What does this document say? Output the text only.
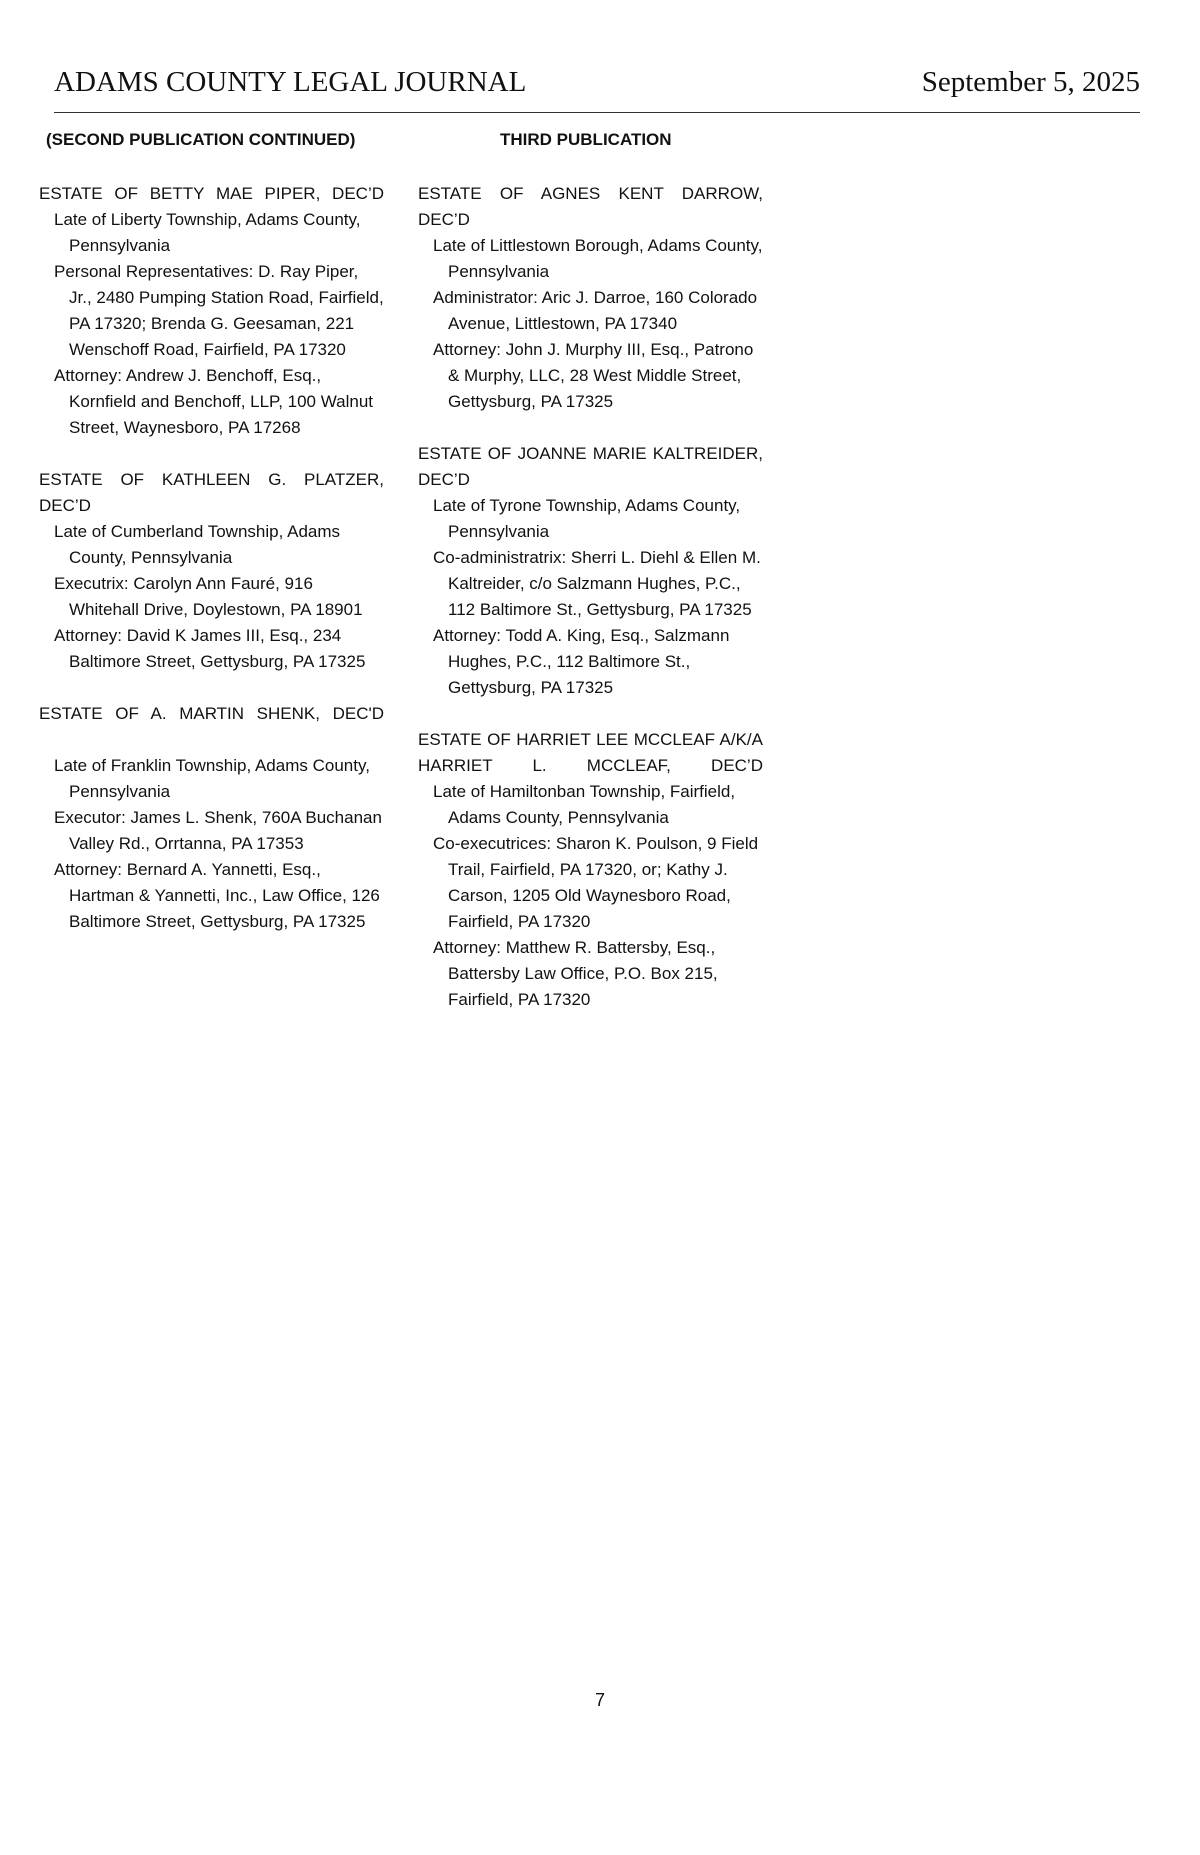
ADAMS COUNTY LEGAL JOURNAL	September 5, 2025
(SECOND PUBLICATION CONTINUED)	THIRD PUBLICATION
ESTATE OF BETTY MAE PIPER, DEC’D
Late of Liberty Township, Adams County, Pennsylvania
Personal Representatives: D. Ray Piper, Jr., 2480 Pumping Station Road, Fairfield, PA 17320; Brenda G. Geesaman, 221 Wenschoff Road, Fairfield, PA 17320
Attorney: Andrew J. Benchoff, Esq., Kornfield and Benchoff, LLP, 100 Walnut Street, Waynesboro, PA 17268
ESTATE OF KATHLEEN G. PLATZER, DEC’D
Late of Cumberland Township, Adams County, Pennsylvania
Executrix: Carolyn Ann Fauré, 916 Whitehall Drive, Doylestown, PA 18901
Attorney: David K James III, Esq., 234 Baltimore Street, Gettysburg, PA 17325
ESTATE OF A. MARTIN SHENK, DEC'D
Late of Franklin Township, Adams County, Pennsylvania
Executor: James L. Shenk, 760A Buchanan Valley Rd., Orrtanna, PA 17353
Attorney: Bernard A. Yannetti, Esq., Hartman & Yannetti, Inc., Law Office, 126 Baltimore Street, Gettysburg, PA 17325
ESTATE OF AGNES KENT DARROW, DEC’D
Late of Littlestown Borough, Adams County, Pennsylvania
Administrator: Aric J. Darroe, 160 Colorado Avenue, Littlestown, PA 17340
Attorney: John J. Murphy III, Esq., Patrono & Murphy, LLC, 28 West Middle Street, Gettysburg, PA 17325
ESTATE OF JOANNE MARIE KALTREIDER, DEC’D
Late of Tyrone Township, Adams County, Pennsylvania
Co-administratrix: Sherri L. Diehl & Ellen M. Kaltreider, c/o Salzmann Hughes, P.C., 112 Baltimore St., Gettysburg, PA 17325
Attorney: Todd A. King, Esq., Salzmann Hughes, P.C., 112 Baltimore St., Gettysburg, PA 17325
ESTATE OF HARRIET LEE MCCLEAF A/K/A HARRIET L. MCCLEAF, DEC’D
Late of Hamiltonban Township, Fairfield, Adams County, Pennsylvania
Co-executrices: Sharon K. Poulson, 9 Field Trail, Fairfield, PA 17320, or; Kathy J. Carson, 1205 Old Waynesboro Road, Fairfield, PA 17320
Attorney: Matthew R. Battersby, Esq., Battersby Law Office, P.O. Box 215, Fairfield, PA 17320
7
